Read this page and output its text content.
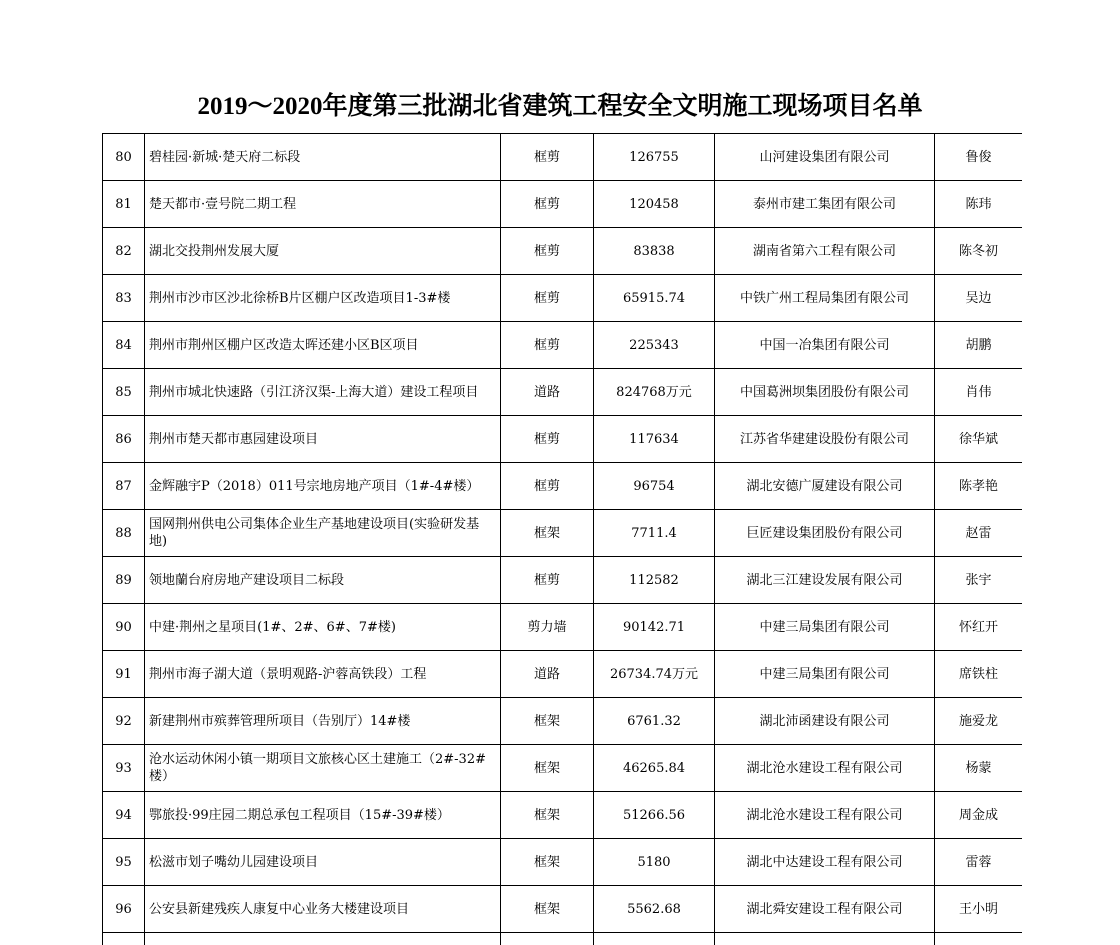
2019～2020年度第三批湖北省建筑工程安全文明施工现场项目名单
80	碧桂园·新城·楚天府二标段	框剪	126755	山河建设集团有限公司	鲁俊
81	楚天都市·壹号院二期工程	框剪	120458	泰州市建工集团有限公司	陈玮
82	湖北交投荆州发展大厦	框剪	83838	湖南省第六工程有限公司	陈冬初
83	荆州市沙市区沙北徐桥B片区棚户区改造项目1-3#楼	框剪	65915.74	中铁广州工程局集团有限公司	吴边
84	荆州市荆州区棚户区改造太晖还建小区B区项目	框剪	225343	中国一冶集团有限公司	胡鹏
85	荆州市城北快速路（引江济汉渠-上海大道）建设工程项目	道路	824768万元	中国葛洲坝集团股份有限公司	肖伟
86	荆州市楚天都市惠园建设项目	框剪	117634	江苏省华建建设股份有限公司	徐华斌
87	金辉融宇P（2018）011号宗地房地产项目（1#-4#楼）	框剪	96754	湖北安德广厦建设有限公司	陈孝艳
88	国网荆州供电公司集体企业生产基地建设项目(实验研发基地)	框架	7711.4	巨匠建设集团股份有限公司	赵雷
89	领地蘭台府房地产建设项目二标段	框剪	112582	湖北三江建设发展有限公司	张宇
90	中建·荆州之星项目(1#、2#、6#、7#楼)	剪力墙	90142.71	中建三局集团有限公司	怀红开
91	荆州市海子湖大道（景明观路-沪蓉高铁段）工程	道路	26734.74万元	中建三局集团有限公司	席铁柱
92	新建荆州市殡葬管理所项目（告别厅）14#楼	框架	6761.32	湖北沛函建设有限公司	施爱龙
93	沧水运动休闲小镇一期项目文旅核心区土建施工（2#-32#楼）	框架	46265.84	湖北沧水建设工程有限公司	杨蒙
94	鄂旅投·99庄园二期总承包工程项目（15#-39#楼）	框架	51266.56	湖北沧水建设工程有限公司	周金成
95	松滋市划子嘴幼儿园建设项目	框架	5180	湖北中达建设工程有限公司	雷蓉
96	公安县新建残疾人康复中心业务大楼建设项目	框架	5562.68	湖北舜安建设工程有限公司	王小明
